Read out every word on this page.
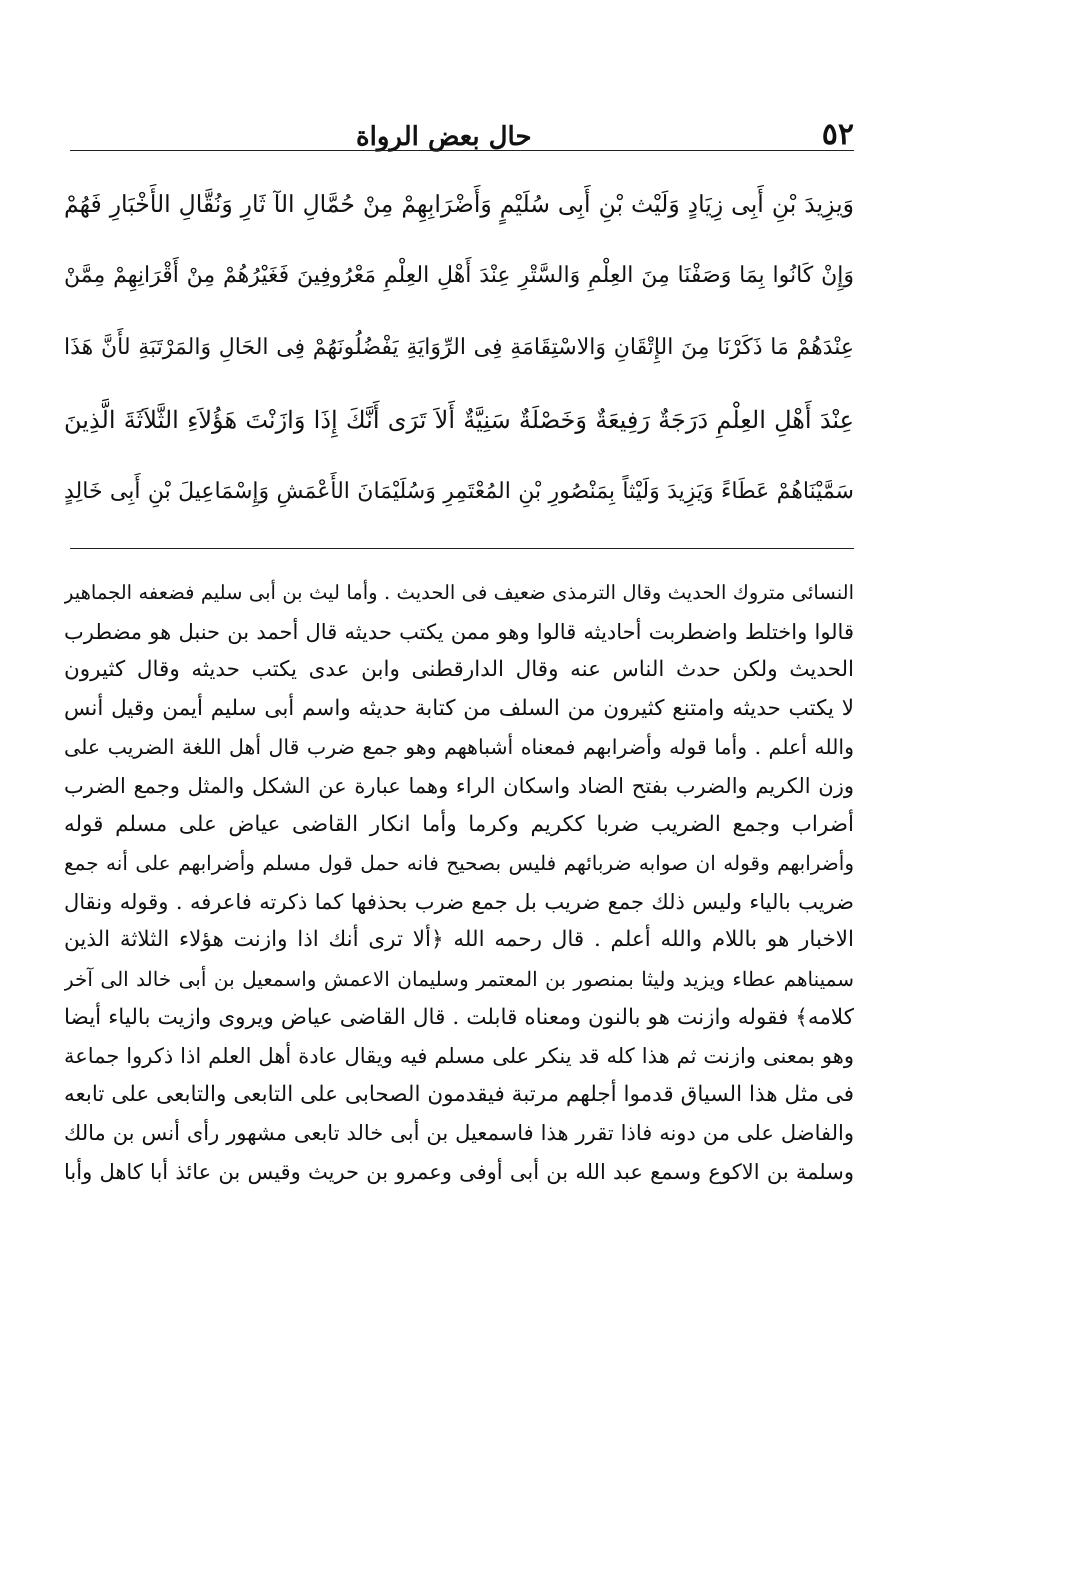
٥٢
حال بعض الرواة
وَيزِيدَ بْنِ أَبِى زِيَادٍ وَلَيْث بْنِ أَبِى سُلَيْمٍ وَأَضْرَابِهِمْ مِنْ حُمَّالِ الآ ثَارِ وَنُقَّالِ الأَخْبَارِ فَهُمْ
وَإِنْ كَانُوا بِمَا وَصَفْنَا مِنَ العِلْمِ وَالسَّتْرِ عِنْدَ أَهْلِ العِلْمِ مَعْرُوفِينَ فَغَيْرُهُمْ مِنْ أَقْرَانِهِمْ مِمَّنْ
عِنْدَهُمْ مَا ذَكَرْنَا مِنَ الإِتْقَانِ وَالاسْتِقَامَةِ فِى الرِّوَايَةِ يَفْضُلُونَهُمْ فِى الحَالِ وَالمَرْتَبَةِ لأَنَّ هَذَا
عِنْدَ أَهْلِ العِلْمِ دَرَجَةٌ رَفِيعَةٌ وَخَصْلَةٌ سَنِيَّةٌ أَلاَ تَرَى أَنَّكَ إِذَا وَازَنْتَ هَؤُلاَءِ الثَّلاَثَةَ الَّذِينَ
سَمَّيْنَاهُمْ عَطَاءً وَيَزِيدَ وَلَيْثاً بِمَنْصُورِ بْنِ المُعْتَمِرِ وَسُلَيْمَانَ الأَعْمَشِ وَإِسْمَاعِيلَ بْنِ أَبِى خَالِدٍ
النسائى متروك الحديث وقال الترمذى ضعيف فى الحديث . وأما ليث بن أبى سليم فضعفه الجماهير
قالوا واختلط واضطربت أحاديثه قالوا وهو ممن يكتب حديثه قال أحمد بن حنبل هو مضطرب
الحديث ولكن حدث الناس عنه وقال الدارقطنى وابن عدى يكتب حديثه وقال كثيرون
لا يكتب حديثه وامتنع كثيرون من السلف من كتابة حديثه واسم أبى سليم أيمن وقيل أنس
والله أعلم . وأما قوله وأضرابهم فمعناه أشباههم وهو جمع ضرب قال أهل اللغة الضريب على
وزن الكريم والضرب بفتح الضاد واسكان الراء وهما عبارة عن الشكل والمثل وجمع الضرب
أضراب وجمع الضريب ضربا ككريم وكرما وأما انكار القاضى عياض على مسلم قوله
وأضرابهم وقوله ان صوابه ضربائهم فليس بصحيح فانه حمل قول مسلم وأضرابهم على أنه جمع
ضريب بالياء وليس ذلك جمع ضريب بل جمع ضرب بحذفها كما ذكرته فاعرفه . وقوله ونقال
الاخبار هو باللام والله أعلم . قال رحمه الله ﴿ألا ترى أنك اذا وازنت هؤلاء الثلاثة الذين
سميناهم عطاء ويزيد وليثا بمنصور بن المعتمر وسليمان الاعمش واسمعيل بن أبى خالد الى آخر
كلامه﴾ فقوله وازنت هو بالنون ومعناه قابلت . قال القاضى عياض ويروى وازيت بالياء أيضا
وهو بمعنى وازنت ثم هذا كله قد ينكر على مسلم فيه ويقال عادة أهل العلم اذا ذكروا جماعة
فى مثل هذا السياق قدموا أجلهم مرتبة فيقدمون الصحابى على التابعى والتابعى على تابعه
والفاضل على من دونه فاذا تقرر هذا فاسمعيل بن أبى خالد تابعى مشهور رأى أنس بن مالك
وسلمة بن الاكوع وسمع عبد الله بن أبى أوفى وعمرو بن حريث وقيس بن عائذ أبا كاهل وأبا
